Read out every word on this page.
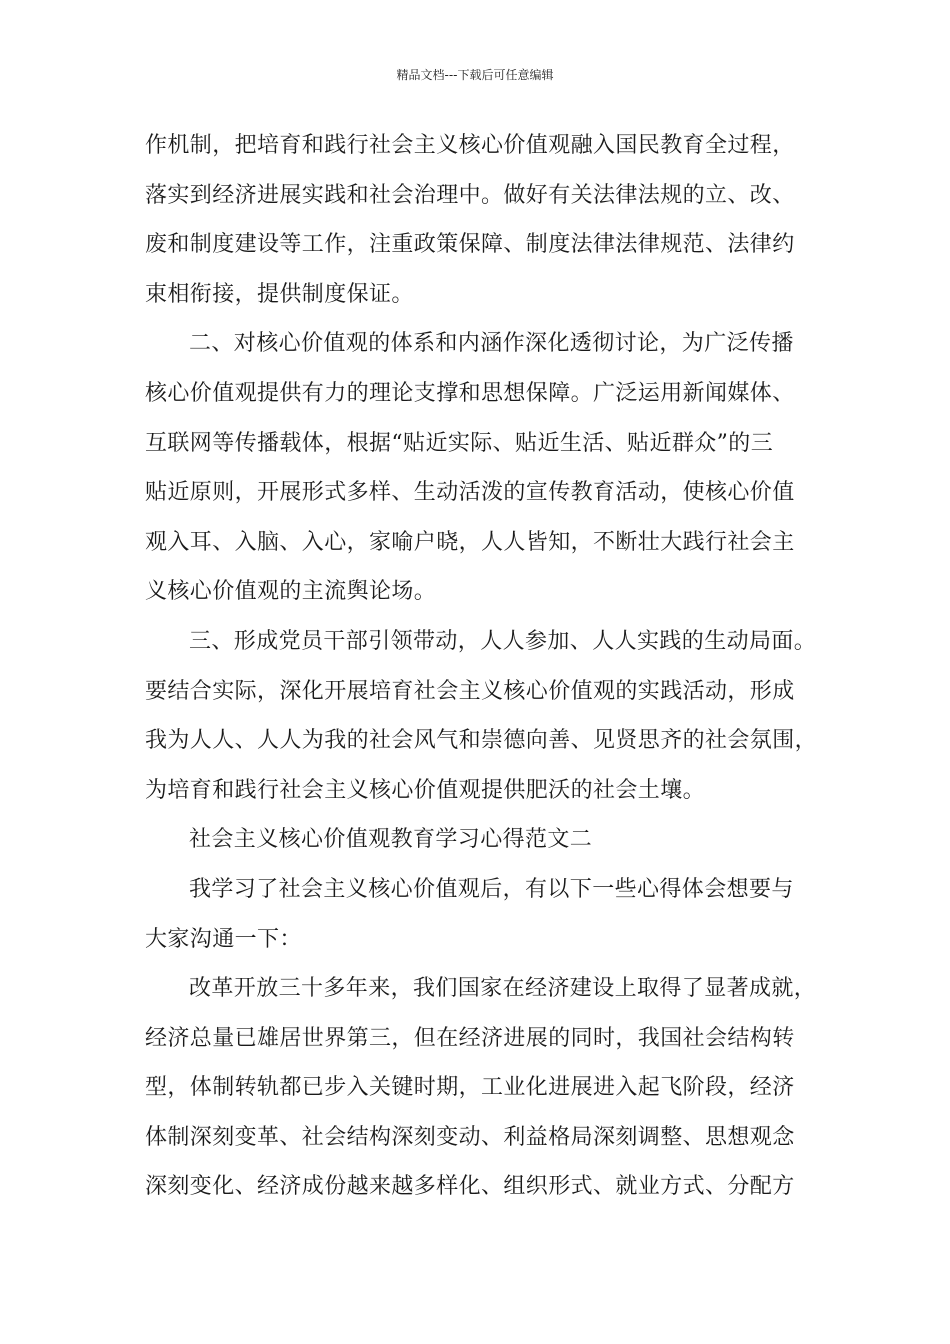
精品文档---下载后可任意编辑
作机制，把培育和践行社会主义核心价值观融入国民教育全过程，
落实到经济进展实践和社会治理中。做好有关法律法规的立、改、
废和制度建设等工作，注重政策保障、制度法律法律规范、法律约
束相衔接，提供制度保证。
二、对核心价值观的体系和内涵作深化透彻讨论，为广泛传播
核心价值观提供有力的理论支撑和思想保障。广泛运用新闻媒体、
互联网等传播载体，根据“贴近实际、贴近生活、贴近群众”的三
贴近原则，开展形式多样、生动活泼的宣传教育活动，使核心价值
观入耳、入脑、入心，家喻户晓，人人皆知，不断壮大践行社会主
义核心价值观的主流舆论场。
三、形成党员干部引领带动，人人参加、人人实践的生动局面。
要结合实际，深化开展培育社会主义核心价值观的实践活动，形成
我为人人、人人为我的社会风气和崇德向善、见贤思齐的社会氛围，
为培育和践行社会主义核心价值观提供肥沃的社会土壤。
社会主义核心价值观教育学习心得范文二
我学习了社会主义核心价值观后，有以下一些心得体会想要与
大家沟通一下：
改革开放三十多年来，我们国家在经济建设上取得了显著成就，
经济总量已雄居世界第三，但在经济进展的同时，我国社会结构转
型，体制转轨都已步入关键时期，工业化进展进入起飞阶段，经济
体制深刻变革、社会结构深刻变动、利益格局深刻调整、思想观念
深刻变化、经济成份越来越多样化、组织形式、就业方式、分配方
